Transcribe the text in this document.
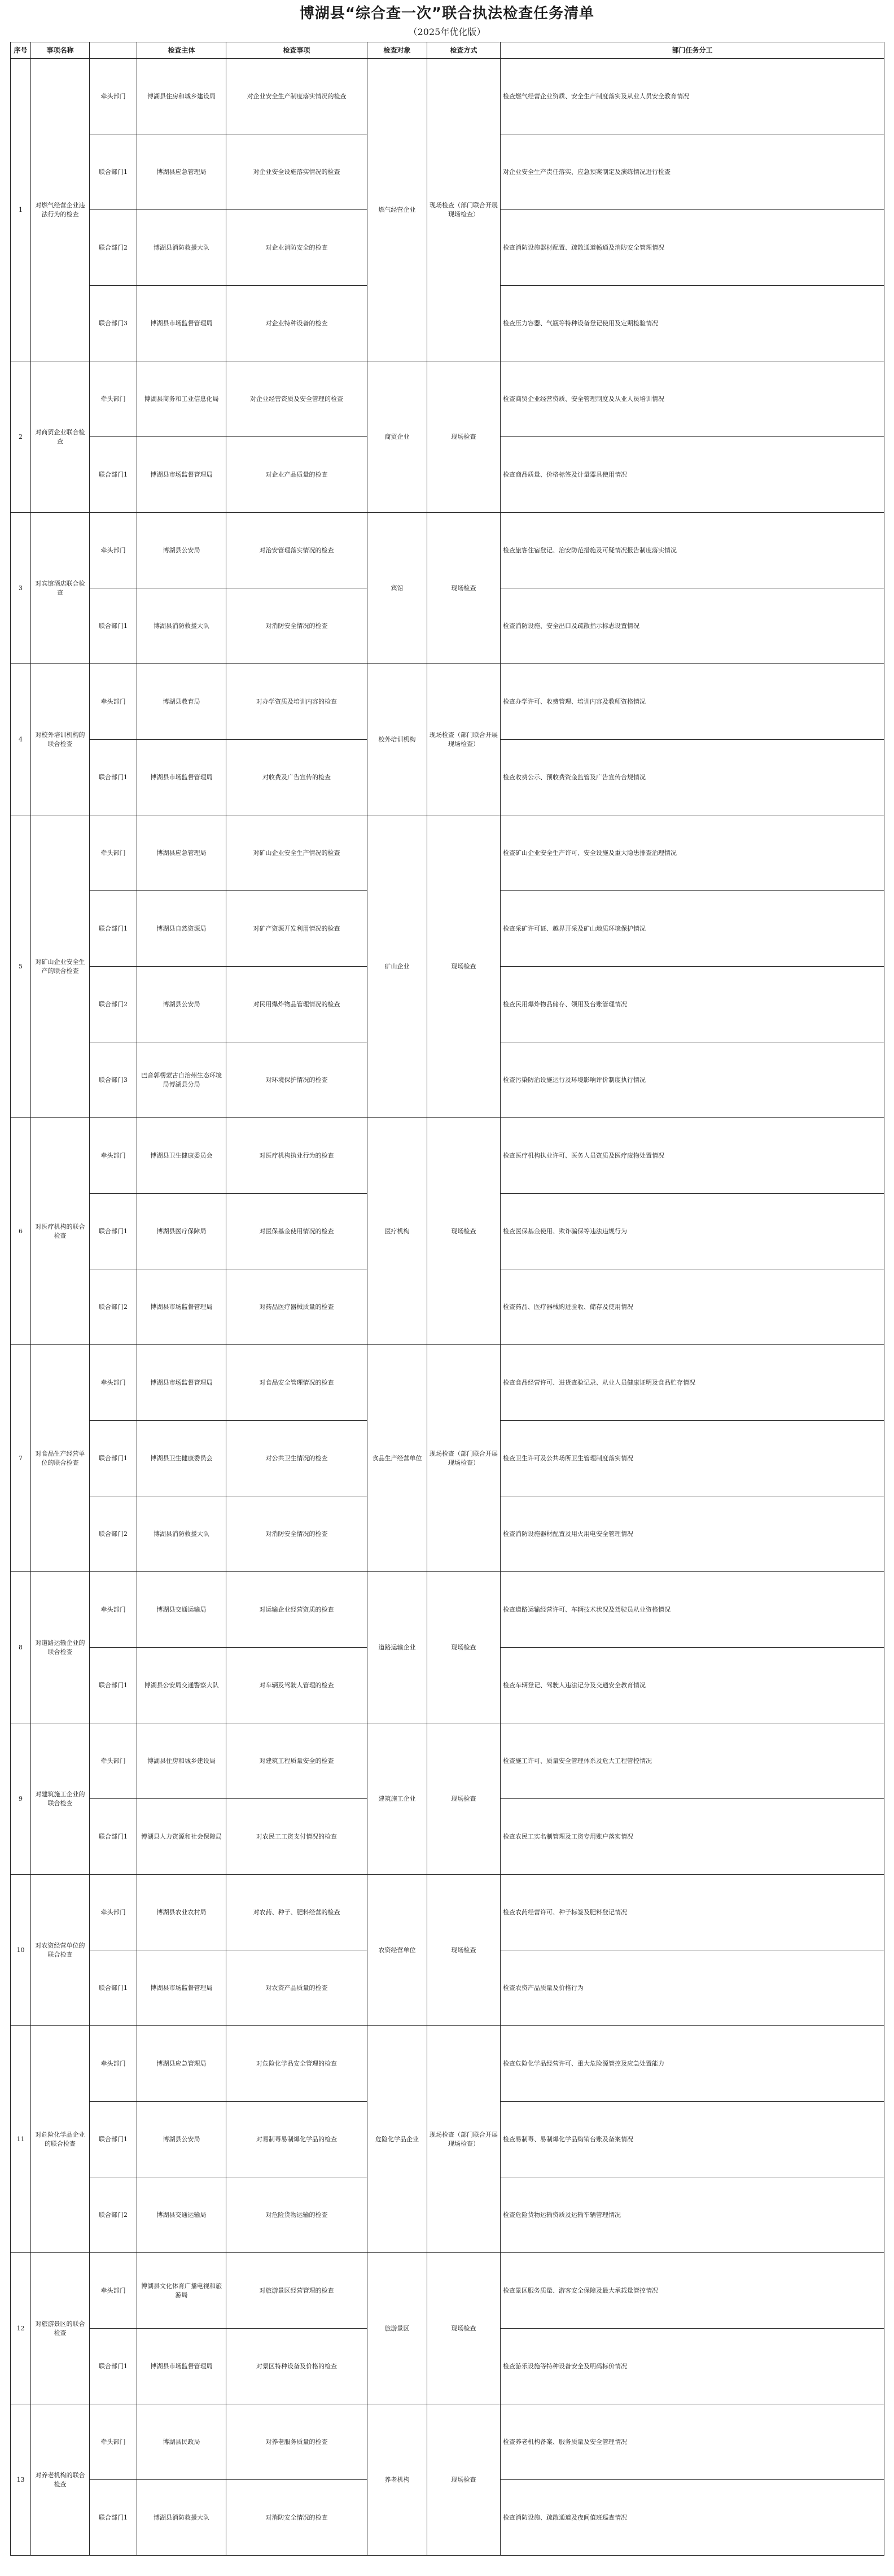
博湖县“综合查一次”联合执法检查任务清单
（2025年优化版）
序号	事项名称		检查主体	检查事项	检查对象	检查方式	部门任务分工
1	对燃气经营企业违法行为的检查	牵头部门	博湖县住房和城乡建设局	对企业安全生产制度落实情况的检查	燃气经营企业	现场检查（部门联合开展现场检查）	检查燃气经营企业资质、安全生产制度落实及从业人员安全教育情况
		联合部门1	博湖县应急管理局	对企业安全设施落实情况的检查			对企业安全生产责任落实、应急预案制定及演练情况进行检查
		联合部门2	博湖县消防救援大队	对企业消防安全的检查			检查消防设施器材配置、疏散通道畅通及消防安全管理情况
		联合部门3	博湖县市场监督管理局	对企业特种设备的检查			检查压力容器、气瓶等特种设备登记使用及定期检验情况
2	对商贸企业联合检查	牵头部门	博湖县商务和工业信息化局	对企业经营资质及安全管理的检查	商贸企业	现场检查	检查商贸企业经营资质、安全管理制度及从业人员培训情况
		联合部门1	博湖县市场监督管理局	对企业产品质量的检查			检查商品质量、价格标签及计量器具使用情况
3	对宾馆酒店联合检查	牵头部门	博湖县公安局	对治安管理落实情况的检查	宾馆	现场检查	检查旅客住宿登记、治安防范措施及可疑情况报告制度落实情况
		联合部门1	博湖县消防救援大队	对消防安全情况的检查			检查消防设施、安全出口及疏散指示标志设置情况
4	对校外培训机构的联合检查	牵头部门	博湖县教育局	对办学资质及培训内容的检查	校外培训机构	现场检查（部门联合开展现场检查）	检查办学许可、收费管理、培训内容及教师资格情况
		联合部门1	博湖县市场监督管理局	对收费及广告宣传的检查			检查收费公示、预收费资金监管及广告宣传合规情况
5	对矿山企业安全生产的联合检查	牵头部门	博湖县应急管理局	对矿山企业安全生产情况的检查	矿山企业	现场检查	检查矿山企业安全生产许可、安全设施及重大隐患排查治理情况
		联合部门1	博湖县自然资源局	对矿产资源开发利用情况的检查			检查采矿许可证、越界开采及矿山地质环境保护情况
		联合部门2	博湖县公安局	对民用爆炸物品管理情况的检查			检查民用爆炸物品储存、领用及台账管理情况
		联合部门3	巴音郭楞蒙古自治州生态环境局博湖县分局	对环境保护情况的检查			检查污染防治设施运行及环境影响评价制度执行情况
6	对医疗机构的联合检查	牵头部门	博湖县卫生健康委员会	对医疗机构执业行为的检查	医疗机构	现场检查	检查医疗机构执业许可、医务人员资质及医疗废物处置情况
		联合部门1	博湖县医疗保障局	对医保基金使用情况的检查			检查医保基金使用、欺诈骗保等违法违规行为
		联合部门2	博湖县市场监督管理局	对药品医疗器械质量的检查			检查药品、医疗器械购进验收、储存及使用情况
7	对食品生产经营单位的联合检查	牵头部门	博湖县市场监督管理局	对食品安全管理情况的检查	食品生产经营单位	现场检查（部门联合开展现场检查）	检查食品经营许可、进货查验记录、从业人员健康证明及食品贮存情况
		联合部门1	博湖县卫生健康委员会	对公共卫生情况的检查			检查卫生许可及公共场所卫生管理制度落实情况
		联合部门2	博湖县消防救援大队	对消防安全情况的检查			检查消防设施器材配置及用火用电安全管理情况
8	对道路运输企业的联合检查	牵头部门	博湖县交通运输局	对运输企业经营资质的检查	道路运输企业	现场检查	检查道路运输经营许可、车辆技术状况及驾驶员从业资格情况
		联合部门1	博湖县公安局交通警察大队	对车辆及驾驶人管理的检查			检查车辆登记、驾驶人违法记分及交通安全教育情况
9	对建筑施工企业的联合检查	牵头部门	博湖县住房和城乡建设局	对建筑工程质量安全的检查	建筑施工企业	现场检查	检查施工许可、质量安全管理体系及危大工程管控情况
		联合部门1	博湖县人力资源和社会保障局	对农民工工资支付情况的检查			检查农民工实名制管理及工资专用账户落实情况
10	对农资经营单位的联合检查	牵头部门	博湖县农业农村局	对农药、种子、肥料经营的检查	农资经营单位	现场检查	检查农药经营许可、种子标签及肥料登记情况
		联合部门1	博湖县市场监督管理局	对农资产品质量的检查			检查农资产品质量及价格行为
11	对危险化学品企业的联合检查	牵头部门	博湖县应急管理局	对危险化学品安全管理的检查	危险化学品企业	现场检查（部门联合开展现场检查）	检查危险化学品经营许可、重大危险源管控及应急处置能力
		联合部门1	博湖县公安局	对易制毒易制爆化学品的检查			检查易制毒、易制爆化学品购销台账及备案情况
		联合部门2	博湖县交通运输局	对危险货物运输的检查			检查危险货物运输资质及运输车辆管理情况
12	对旅游景区的联合检查	牵头部门	博湖县文化体育广播电视和旅游局	对旅游景区经营管理的检查	旅游景区	现场检查	检查景区服务质量、游客安全保障及最大承载量管控情况
		联合部门1	博湖县市场监督管理局	对景区特种设备及价格的检查			检查游乐设施等特种设备安全及明码标价情况
13	对养老机构的联合检查	牵头部门	博湖县民政局	对养老服务质量的检查	养老机构	现场检查	检查养老机构备案、服务质量及安全管理情况
		联合部门1	博湖县消防救援大队	对消防安全情况的检查			检查消防设施、疏散通道及夜间值班巡查情况
